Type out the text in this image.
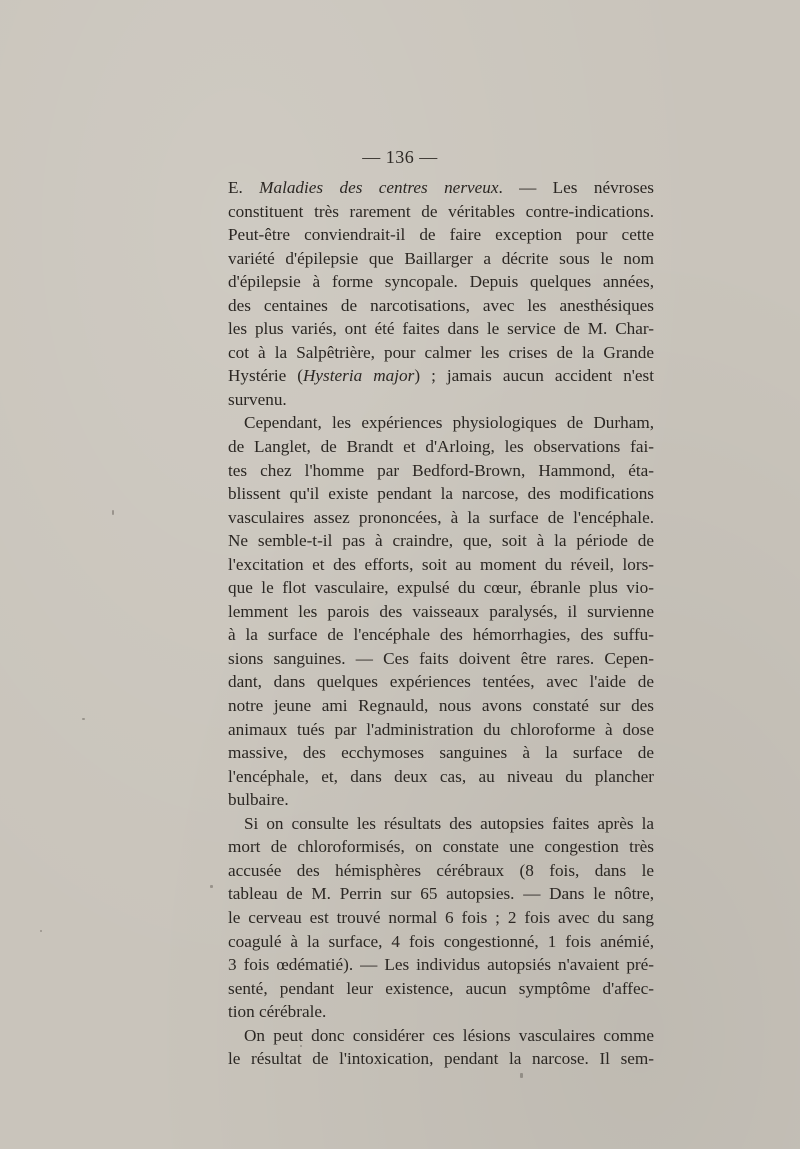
— 136 —
E. Maladies des centres nerveux. — Les névroses
constituent très rarement de véritables contre-indications.
Peut-être conviendrait-il de faire exception pour cette
variété d'épilepsie que Baillarger a décrite sous le nom
d'épilepsie à forme syncopale. Depuis quelques années,
des centaines de narcotisations, avec les anesthésiques
les plus variés, ont été faites dans le service de M. Char-
cot à la Salpêtrière, pour calmer les crises de la Grande
Hystérie (Hysteria major) ; jamais aucun accident n'est
survenu.
Cependant, les expériences physiologiques de Durham,
de Langlet, de Brandt et d'Arloing, les observations fai-
tes chez l'homme par Bedford-Brown, Hammond, éta-
blissent qu'il existe pendant la narcose, des modifications
vasculaires assez prononcées, à la surface de l'encéphale.
Ne semble-t-il pas à craindre, que, soit à la période de
l'excitation et des efforts, soit au moment du réveil, lors-
que le flot vasculaire, expulsé du cœur, ébranle plus vio-
lemment les parois des vaisseaux paralysés, il survienne
à la surface de l'encéphale des hémorrhagies, des suffu-
sions sanguines. — Ces faits doivent être rares. Cepen-
dant, dans quelques expériences tentées, avec l'aide de
notre jeune ami Regnauld, nous avons constaté sur des
animaux tués par l'administration du chloroforme à dose
massive, des ecchymoses sanguines à la surface de
l'encéphale, et, dans deux cas, au niveau du plancher
bulbaire.
Si on consulte les résultats des autopsies faites après la
mort de chloroformisés, on constate une congestion très
accusée des hémisphères cérébraux (8 fois, dans le
tableau de M. Perrin sur 65 autopsies. — Dans le nôtre,
le cerveau est trouvé normal 6 fois ; 2 fois avec du sang
coagulé à la surface, 4 fois congestionné, 1 fois anémié,
3 fois œdématié). — Les individus autopsiés n'avaient pré-
senté, pendant leur existence, aucun symptôme d'affec-
tion cérébrale.
On peut donc considérer ces lésions vasculaires comme
le résultat de l'intoxication, pendant la narcose. Il sem-
